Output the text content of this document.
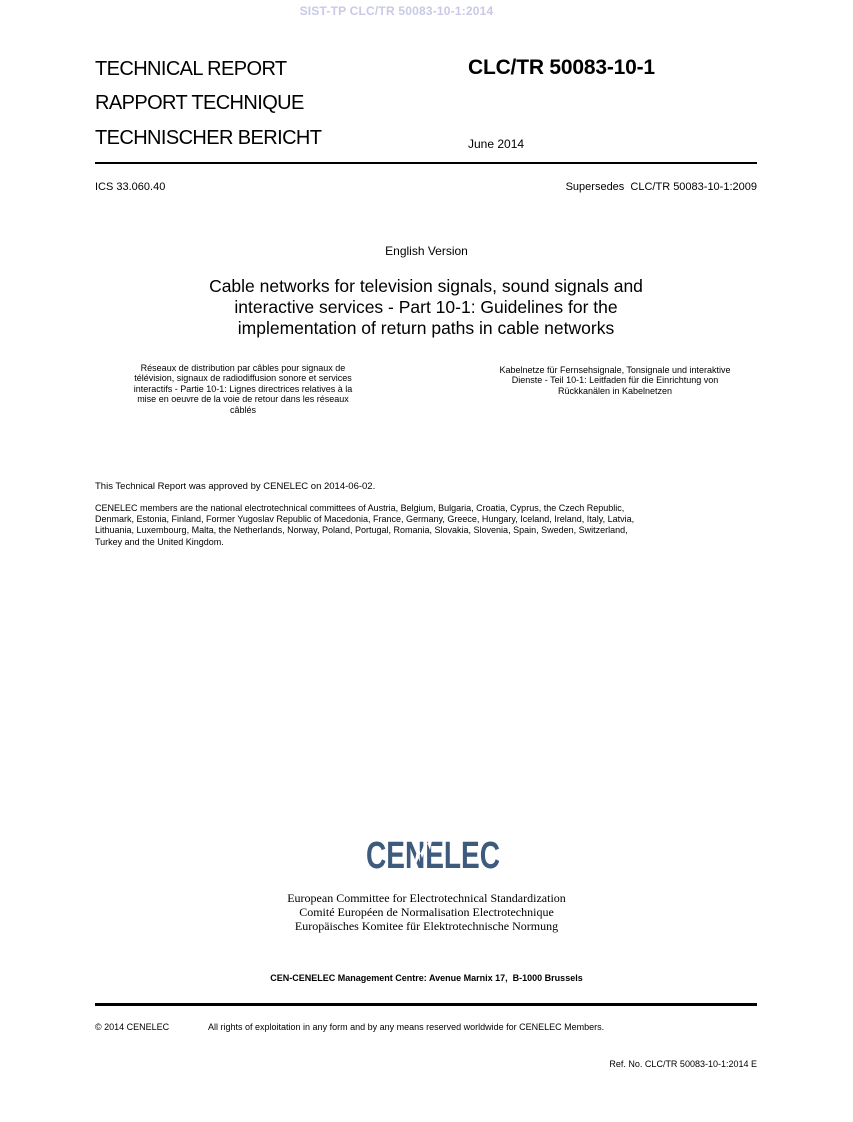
SIST-TP CLC/TR 50083-10-1:2014
TECHNICAL REPORT
RAPPORT TECHNIQUE
TECHNISCHER BERICHT
CLC/TR 50083-10-1
June 2014
ICS 33.060.40	Supersedes  CLC/TR 50083-10-1:2009
English Version
Cable networks for television signals, sound signals and
interactive services - Part 10-1: Guidelines for the
implementation of return paths in cable networks
Réseaux de distribution par câbles pour signaux de
télévision, signaux de radiodiffusion sonore et services
interactifs - Partie 10-1: Lignes directrices relatives à la
mise en oeuvre de la voie de retour dans les réseaux
câblés
Kabelnetze für Fernsehsignale, Tonsignale und interaktive
Dienste - Teil 10-1: Leitfaden für die Einrichtung von
Rückkanälen in Kabelnetzen
This Technical Report was approved by CENELEC on 2014-06-02.
CENELEC members are the national electrotechnical committees of Austria, Belgium, Bulgaria, Croatia, Cyprus, the Czech Republic,
Denmark, Estonia, Finland, Former Yugoslav Republic of Macedonia, France, Germany, Greece, Hungary, Iceland, Ireland, Italy, Latvia,
Lithuania, Luxembourg, Malta, the Netherlands, Norway, Poland, Portugal, Romania, Slovakia, Slovenia, Spain, Sweden, Switzerland,
Turkey and the United Kingdom.
CENELEC
European Committee for Electrotechnical Standardization
Comité Européen de Normalisation Electrotechnique
Europäisches Komitee für Elektrotechnische Normung
CEN-CENELEC Management Centre: Avenue Marnix 17,  B-1000 Brussels
© 2014 CENELEC	All rights of exploitation in any form and by any means reserved worldwide for CENELEC Members.
Ref. No. CLC/TR 50083-10-1:2014 E
